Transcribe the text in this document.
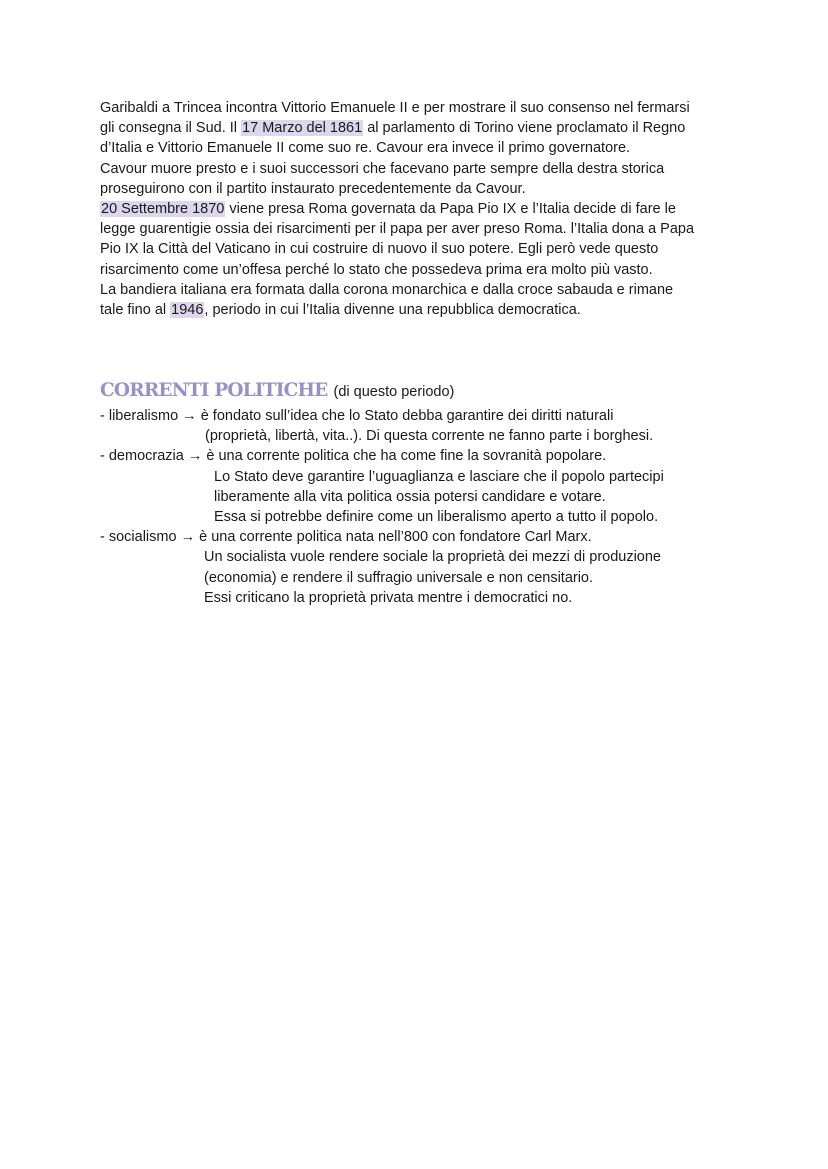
Garibaldi a Trincea incontra Vittorio Emanuele II e per mostrare il suo consenso nel fermarsi
gli consegna il Sud. Il 17 Marzo del 1861 al parlamento di Torino viene proclamato il Regno
d’Italia e Vittorio Emanuele II come suo re. Cavour era invece il primo governatore.
Cavour muore presto e i suoi successori che facevano parte sempre della destra storica
proseguirono con il partito instaurato precedentemente da Cavour.
20 Settembre 1870 viene presa Roma governata da Papa Pio IX e l’Italia decide di fare le
legge guarentigie ossia dei risarcimenti per il papa per aver preso Roma. l’Italia dona a Papa
Pio IX la Città del Vaticano in cui costruire di nuovo il suo potere. Egli però vede questo
risarcimento come un’offesa perché lo stato che possedeva prima era molto più vasto.
La bandiera italiana era formata dalla corona monarchica e dalla croce sabauda e rimane
tale fino al 1946, periodo in cui l’Italia divenne una repubblica democratica.
CORRENTI POLITICHE (di questo periodo)
- liberalismo → è fondato sull’idea che lo Stato debba garantire dei diritti naturali
(proprietà, libertà, vita..). Di questa corrente ne fanno parte i borghesi.
- democrazia → è una corrente politica che ha come fine la sovranità popolare.
Lo Stato deve garantire l’uguaglianza e lasciare che il popolo partecipi
liberamente alla vita politica ossia potersi candidare e votare.
Essa si potrebbe definire come un liberalismo aperto a tutto il popolo.
- socialismo → è una corrente politica nata nell’800 con fondatore Carl Marx.
Un socialista vuole rendere sociale la proprietà dei mezzi di produzione
(economia) e rendere il suffragio universale e non censitario.
Essi criticano la proprietà privata mentre i democratici no.
